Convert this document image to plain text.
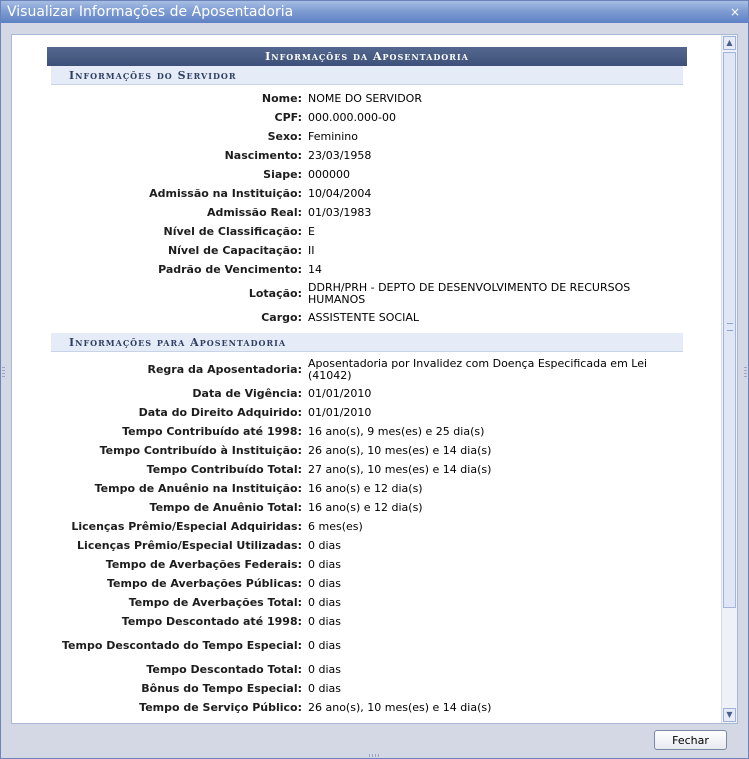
Visualizar Informações de Aposentadoria	×
Informações da Aposentadoria
Informações do Servidor
Nome: NOME DO SERVIDOR
CPF: 000.000.000-00
Sexo: Feminino
Nascimento: 23/03/1958
Siape: 000000
Admissão na Instituição: 10/04/2004
Admissão Real: 01/03/1983
Nível de Classificação: E
Nível de Capacitação: II
Padrão de Vencimento: 14
Lotação: DDRH/PRH - DEPTO DE DESENVOLVIMENTO DE RECURSOS HUMANOS
Cargo: ASSISTENTE SOCIAL
Informações para Aposentadoria
Regra da Aposentadoria: Aposentadoria por Invalidez com Doença Especificada em Lei (41042)
Data de Vigência: 01/01/2010
Data do Direito Adquirido: 01/01/2010
Tempo Contribuído até 1998: 16 ano(s), 9 mes(es) e 25 dia(s)
Tempo Contribuído à Instituição: 26 ano(s), 10 mes(es) e 14 dia(s)
Tempo Contribuído Total: 27 ano(s), 10 mes(es) e 14 dia(s)
Tempo de Anuênio na Instituição: 16 ano(s) e 12 dia(s)
Tempo de Anuênio Total: 16 ano(s) e 12 dia(s)
Licenças Prêmio/Especial Adquiridas: 6 mes(es)
Licenças Prêmio/Especial Utilizadas: 0 dias
Tempo de Averbações Federais: 0 dias
Tempo de Averbações Públicas: 0 dias
Tempo de Averbações Total: 0 dias
Tempo Descontado até 1998: 0 dias
Tempo Descontado do Tempo Especial: 0 dias
Tempo Descontado Total: 0 dias
Bônus do Tempo Especial: 0 dias
Tempo de Serviço Público: 26 ano(s), 10 mes(es) e 14 dia(s)
▲
▼
Fechar
